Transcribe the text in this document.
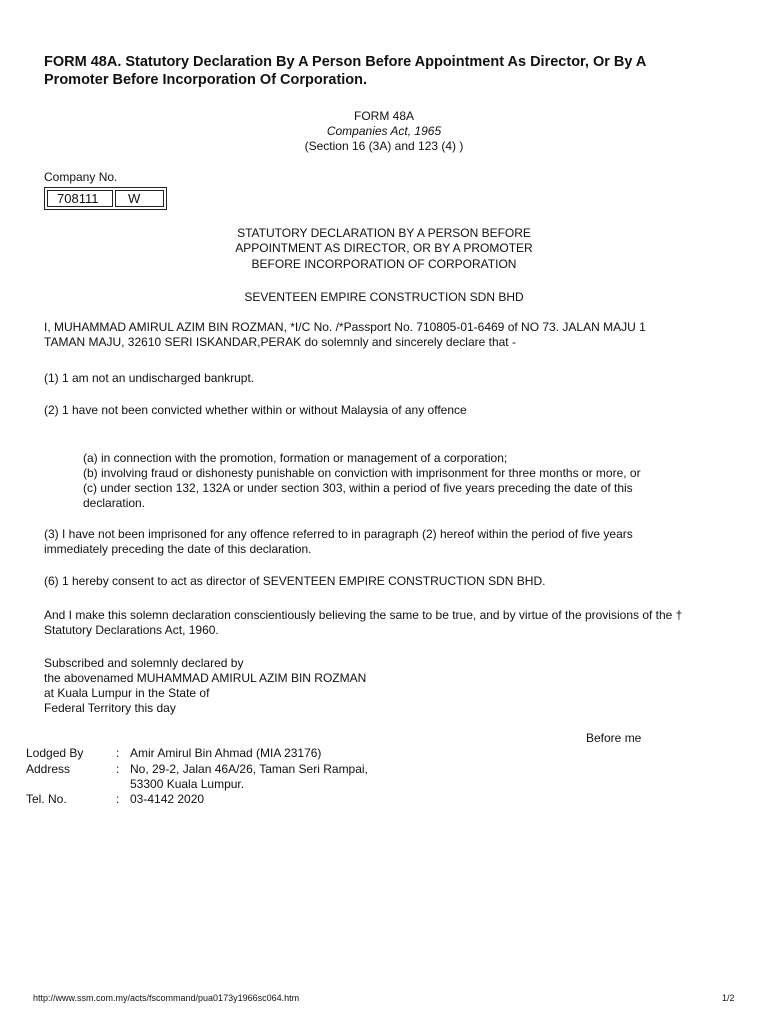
FORM 48A. Statutory Declaration By A Person Before Appointment As Director, Or By A
Promoter Before Incorporation Of Corporation.
FORM 48A
Companies Act, 1965
(Section 16 (3A) and 123 (4) )
Company No.
708111	W
STATUTORY DECLARATION BY A PERSON BEFORE
APPOINTMENT AS DIRECTOR, OR BY A PROMOTER
BEFORE INCORPORATION OF CORPORATION
SEVENTEEN EMPIRE CONSTRUCTION SDN BHD
I, MUHAMMAD AMIRUL AZIM BIN ROZMAN, *I/C No. /*Passport No. 710805-01-6469 of NO 73. JALAN MAJU 1
TAMAN MAJU, 32610 SERI ISKANDAR,PERAK do solemnly and sincerely declare that -
(1) 1 am not an undischarged bankrupt.
(2) 1 have not been convicted whether within or without Malaysia of any offence
(a) in connection with the promotion, formation or management of a corporation;
(b) involving fraud or dishonesty punishable on conviction with imprisonment for three months or more, or
(c) under section 132, 132A or under section 303, within a period of five years preceding the date of this
declaration.
(3) I have not been imprisoned for any offence referred to in paragraph (2) hereof within the period of five years
immediately preceding the date of this declaration.
(6) 1 hereby consent to act as director of SEVENTEEN EMPIRE CONSTRUCTION SDN BHD.
And I make this solemn declaration conscientiously believing the same to be true, and by virtue of the provisions of the †
Statutory Declarations Act, 1960.
Subscribed and solemnly declared by
the abovenamed MUHAMMAD AMIRUL AZIM BIN ROZMAN
at Kuala Lumpur in the State of
Federal Territory this day
Before me
Lodged By	: Amir Amirul Bin Ahmad (MIA 23176)
Address	: No, 29-2, Jalan 46A/26, Taman Seri Rampai,
53300 Kuala Lumpur.
Tel. No.	: 03-4142 2020
http://www.ssm.com.my/acts/fscommand/pua0173y1966sc064.htm	1/2
